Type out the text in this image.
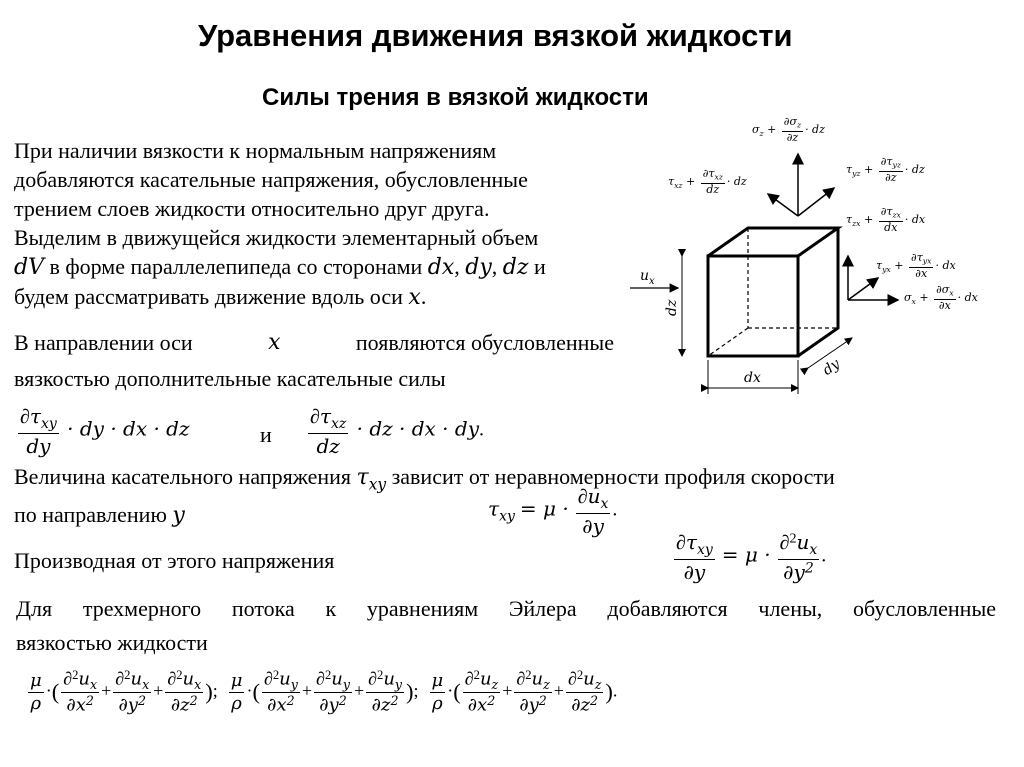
Уравнения движения вязкой жидкости
Силы трения в вязкой жидкости
При наличии вязкости к нормальным напряжениям
добавляются касательные напряжения, обусловленные
трением слоев жидкости относительно друг друга.
Выделим в движущейся жидкости элементарный объем
dV в форме параллелепипеда со сторонами dx, dy, dz и
будем рассматривать движение вдоль оси x.
В направлении оси	x	появляются обусловленные
вязкостью дополнительные касательные силы
$\partial\tau_{xy}$
dy
· dy · dx · dz	и
$\partial\tau_{xz}$
dz
· dz · dx · dy.
Величина касательного напряжения $\tau_{xy}$ зависит от неравномерности профиля скорости
по направлению y	$\tau_{xy} = \mu \cdot \frac{\partial u_x}{\partial y}$ .
Производная от этого напряжения
$\partial\tau_{xy}$
∂y
= $\mu \cdot \frac{\partial^2u_x}{\partial y^2}$ .
Для трехмерного потока к уравнениям Эйлера добавляются члены, обусловленные
вязкостью жидкости
$\frac{\mu}{\rho}$ ·( $\frac{\partial^2u_x}{\partial x^2} + \frac{\partial^2u_x}{\partial y^2} + \frac{\partial^2u_x}{\partial z^2}$ ); $\frac{\mu}{\rho}$ ·( $\frac{\partial^2u_y}{\partial x^2} + \frac{\partial^2u_y}{\partial y^2} + \frac{\partial^2u_y}{\partial z^2}$ ); $\frac{\mu}{\rho}$ ·( $\frac{\partial^2u_z}{\partial x^2} + \frac{\partial^2u_z}{\partial y^2} + \frac{\partial^2u_z}{\partial z^2}$ ).
dz
dx	dy
$u_x$
$\sigma_z + \frac{\partial\sigma_z}{\partial z}$ · dz
$\tau_{xz}$ +
$\partial\tau_{xz}$
dz
· dz
$\tau_{yz}$ +
$\partial\tau_{yz}$
∂z
· dz
$\tau_{zx}$ +
$\partial\tau_{zx}$
dx
· dx
$\tau_{yx}$ +
$\partial\tau_{yx}$
∂x
· dx
$\sigma_x + \frac{\partial\sigma_x}{\partial x}$ · dx
